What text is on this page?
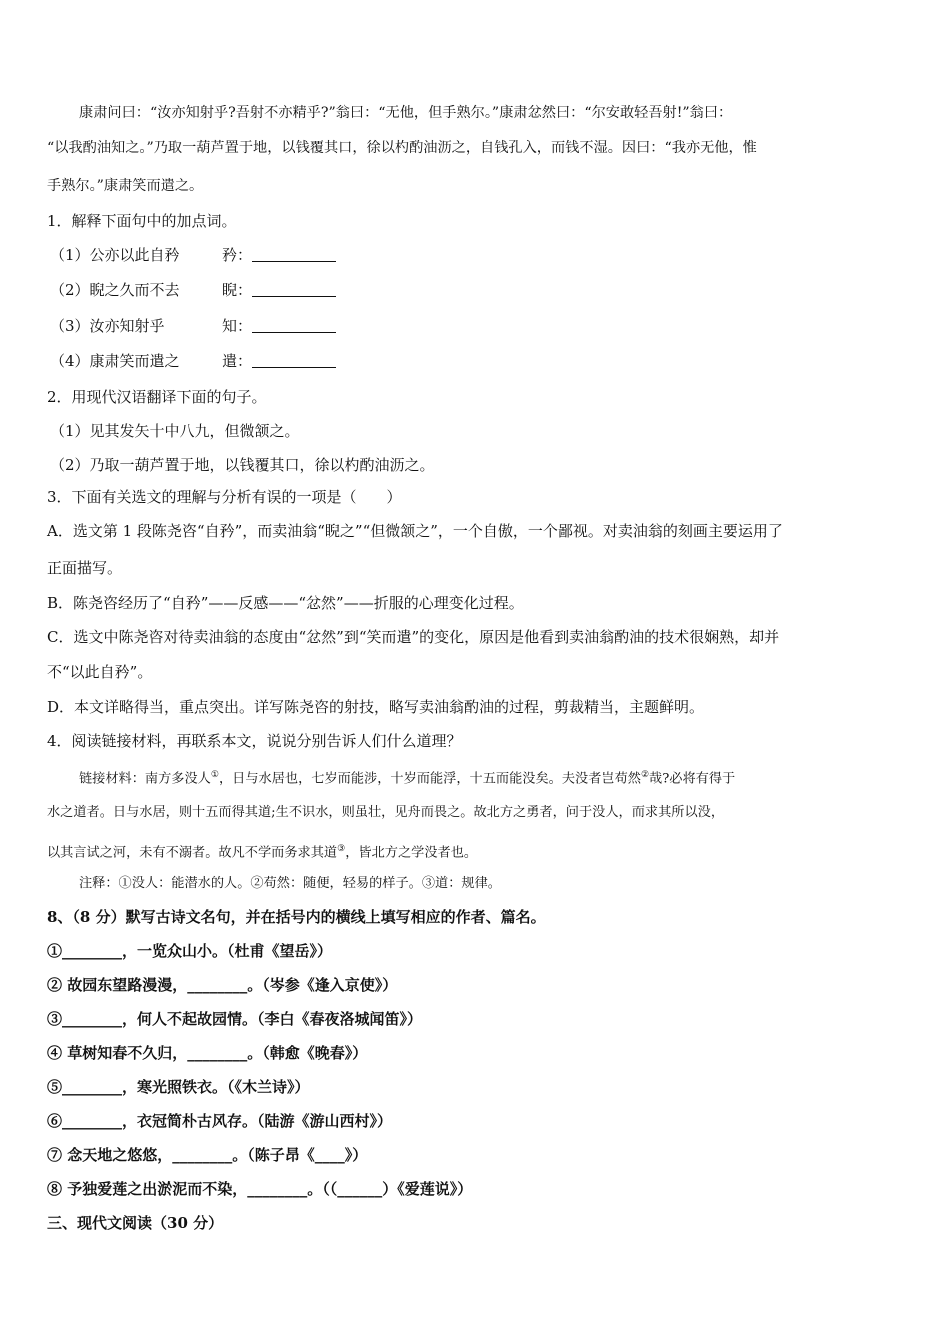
康肃问曰：“汝亦知射乎?吾射不亦精乎?”翁曰：“无他，但手熟尔。”康肃忿然曰：“尔安敢轻吾射!”翁曰：
“以我酌油知之。”乃取一葫芦置于地，以钱覆其口，徐以杓酌油沥之，自钱孔入，而钱不湿。因曰：“我亦无他，惟
手熟尔。”康肃笑而遣之。
1．解释下面句中的加点词。
（1）公亦以此自矜	矜：
（2）睨之久而不去	睨：
（3）汝亦知射乎	知：
（4）康肃笑而遣之	遣：
2．用现代汉语翻译下面的句子。
（1）见其发矢十中八九，但微颔之。
（2）乃取一葫芦置于地，以钱覆其口，徐以杓酌油沥之。
3．下面有关选文的理解与分析有误的一项是（　　）
A．选文第 1 段陈尧咨“自矜”，而卖油翁“睨之”“但微颔之”，一个自傲，一个鄙视。对卖油翁的刻画主要运用了
正面描写。
B．陈尧咨经历了“自矜”——反感——“忿然”——折服的心理变化过程。
C．选文中陈尧咨对待卖油翁的态度由“忿然”到“笑而遣”的变化，原因是他看到卖油翁酌油的技术很娴熟，却并
不“以此自矜”。
D．本文详略得当，重点突出。详写陈尧咨的射技，略写卖油翁酌油的过程，剪裁精当，主题鲜明。
4．阅读链接材料，再联系本文，说说分别告诉人们什么道理？
链接材料：南方多没人①，日与水居也，七岁而能涉，十岁而能浮，十五而能没矣。夫没者岂苟然②哉?必将有得于
水之道者。日与水居，则十五而得其道;生不识水，则虽壮，见舟而畏之。故北方之勇者，问于没人，而求其所以没，
以其言试之河，未有不溺者。故凡不学而务求其道③，皆北方之学没者也。
注释：①没人：能潜水的人。②苟然：随便，轻易的样子。③道：规律。
8、（8 分）默写古诗文名句，并在括号内的横线上填写相应的作者、篇名。
①________，一览众山小。（杜甫《望岳》）
② 故园东望路漫漫，________。（岑参《逢入京使》）
③________，何人不起故园情。（李白《春夜洛城闻笛》）
④ 草树知春不久归，________。（韩愈《晚春》）
⑤________，寒光照铁衣。（《木兰诗》）
⑥________，衣冠简朴古风存。（陆游《游山西村》）
⑦ 念天地之悠悠，________。（陈子昂《____》）
⑧ 予独爱莲之出淤泥而不染，________。（（______）《爱莲说》）
三、现代文阅读（30 分）
